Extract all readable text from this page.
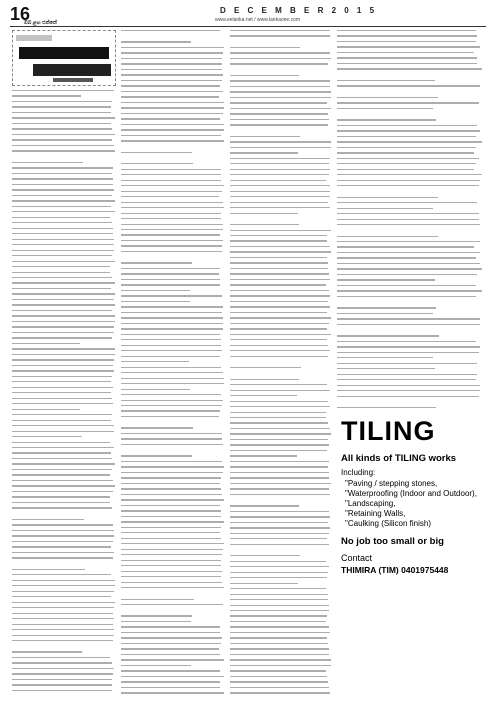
16
ඔබ ළඟ එන්නේ
D E C E M B E R 2 0 1 5
www.eelanka.net / www.lankaone.com
TILING
All kinds of TILING works
Including:
"Paving / stepping stones,
"Waterproofing (Indoor and Outdoor),
"Landscaping,
"Retaining Walls,
"Caulking (Silicon finish)
No job too small or big
Contact
THIMIRA (TIM) 0401975448
